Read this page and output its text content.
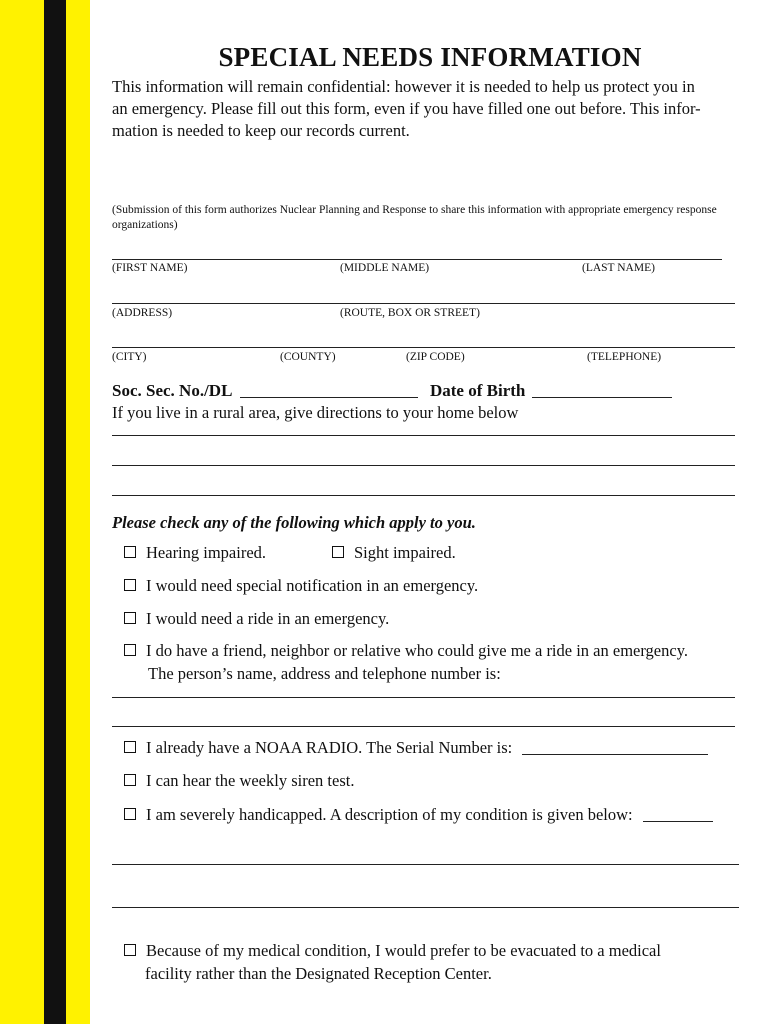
SPECIAL NEEDS INFORMATION

This information will remain confidential: however it is needed to help us protect you in

an emergency. Please fill out this form, even if you have filled one out before. This infor-

mation is needed to keep our records current.

(Submission of this form authorizes Nuclear Planning and Response to share this information with appropriate emergency response organizations)
(FIRST NAME)	(MIDDLE NAME)	(LAST NAME)
(ADDRESS)	(ROUTE, BOX OR STREET)
(CITY)	(COUNTY)	(ZIP CODE)	(TELEPHONE)
Soc. Sec. No./DL	Date of Birth
If you live in a rural area, give directions to your home below
Please check any of the following which apply to you.
Hearing impaired.	Sight impaired.
I would need special notification in an emergency.
I would need a ride in an emergency.
I do have a friend, neighbor or relative who could give me a ride in an emergency.
The person’s name, address and telephone number is:
I already have a NOAA RADIO. The Serial Number is:
I can hear the weekly siren test.
I am severely handicapped. A description of my condition is given below:
Because of my medical condition, I would prefer to be evacuated to a medical
facility rather than the Designated Reception Center.
